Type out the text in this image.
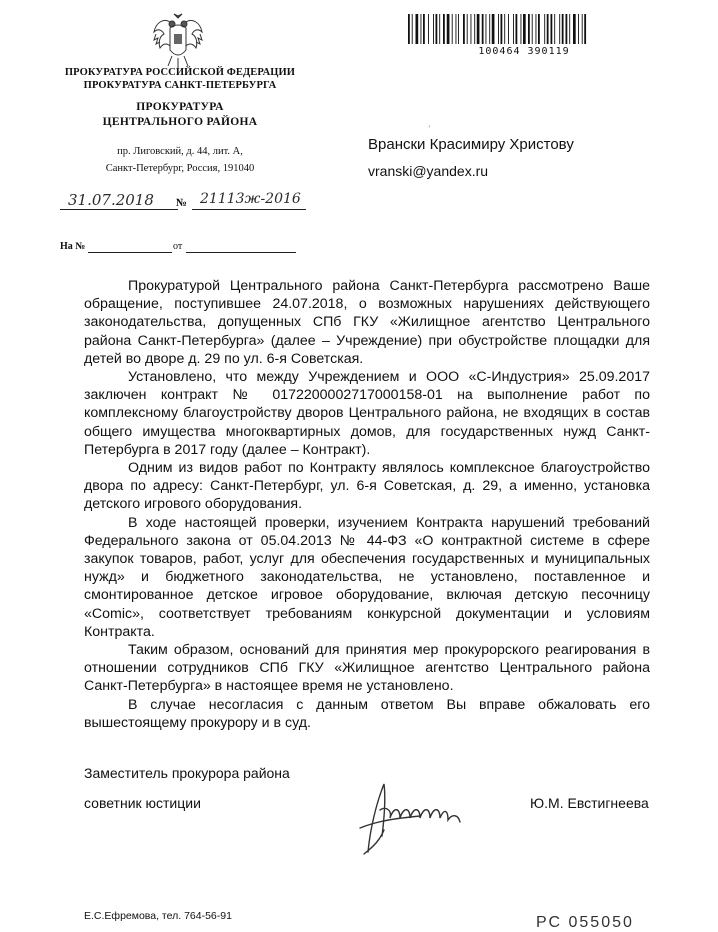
ПРОКУРАТУРА РОССИЙСКОЙ ФЕДЕРАЦИИ
ПРОКУРАТУРА САНКТ-ПЕТЕРБУРГА
ПРОКУРАТУРА
ЦЕНТРАЛЬНОГО РАЙОНА
пр. Лиговский, д. 44, лит. А,
Санкт-Петербург, Россия, 191040
31.07.2018 № 21113ж-2016
На №	от
100464 390119
’
Врански Красимиру Христову
vranski@yandex.ru

Прокуратурой Центрального района Санкт-Петербурга рассмотрено Ваше обращение, поступившее 24.07.2018, о возможных нарушениях действующего законодательства, допущенных СПб ГКУ «Жилищное агентство Центрального района Санкт-Петербурга» (далее – Учреждение) при обустройстве площадки для детей во дворе д. 29 по ул. 6-я Советская.

Установлено, что между Учреждением и ООО «С-Индустрия» 25.09.2017 заключен контракт № 0172200002717000158-01 на выполнение работ по комплексному благоустройству дворов Центрального района, не входящих в состав общего имущества многоквартирных домов, для государственных нужд Санкт-Петербурга в 2017 году (далее – Контракт).

Одним из видов работ по Контракту являлось комплексное благоустройство двора по адресу: Санкт-Петербург, ул. 6-я Советская, д. 29, а именно, установка детского игрового оборудования.

В ходе настоящей проверки, изучением Контракта нарушений требований Федерального закона от 05.04.2013 № 44-ФЗ «О контрактной системе в сфере закупок товаров, работ, услуг для обеспечения государственных и муниципальных нужд» и бюджетного законодательства, не установлено, поставленное и смонтированное детское игровое оборудование, включая детскую песочницу «Comic», соответствует требованиям конкурсной документации и условиям Контракта.

Таким образом, оснований для принятия мер прокурорского реагирования в отношении сотрудников СПб ГКУ «Жилищное агентство Центрального района Санкт-Петербурга» в настоящее время не установлено.

В случае несогласия с данным ответом Вы вправе обжаловать его вышестоящему прокурору и в суд.

Заместитель прокурора района
советник юстиции	Ю.М. Евстигнеева
Е.С.Ефремова, тел. 764-56-91	РС 055050
